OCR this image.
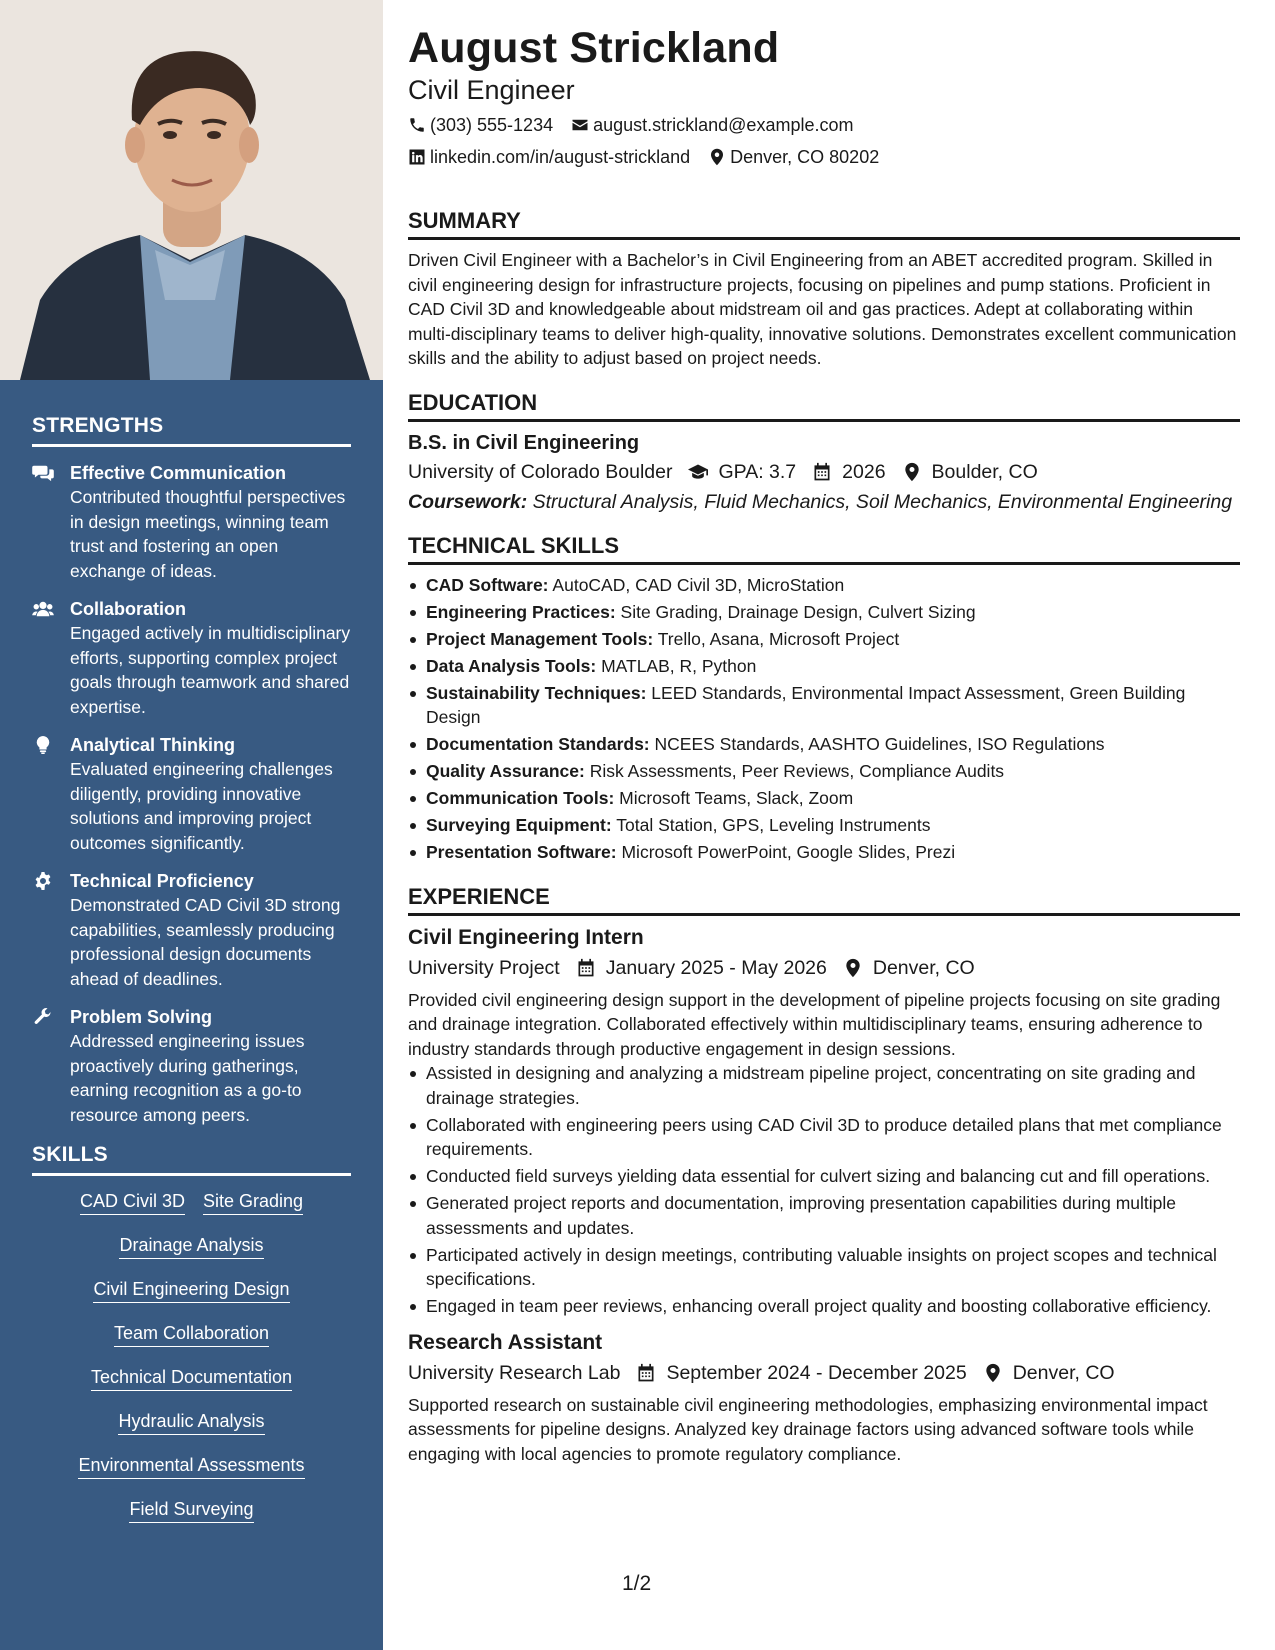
STRENGTHS
Effective Communication
Contributed thoughtful perspectives in design meetings, winning team trust and fostering an open exchange of ideas.
Collaboration
Engaged actively in multidisciplinary efforts, supporting complex project goals through teamwork and shared expertise.
Analytical Thinking
Evaluated engineering challenges diligently, providing innovative solutions and improving project outcomes significantly.
Technical Proficiency
Demonstrated CAD Civil 3D strong capabilities, seamlessly producing professional design documents ahead of deadlines.
Problem Solving
Addressed engineering issues proactively during gatherings, earning recognition as a go-to resource among peers.
SKILLS
CAD Civil 3D Site Grading
Drainage Analysis
Civil Engineering Design
Team Collaboration
Technical Documentation
Hydraulic Analysis
Environmental Assessments
Field Surveying
August Strickland
Civil Engineer
(303) 555-1234 august.strickland@example.com
linkedin.com/in/august-strickland Denver, CO 80202
SUMMARY
Driven Civil Engineer with a Bachelor’s in Civil Engineering from an ABET accredited program. Skilled in civil engineering design for infrastructure projects, focusing on pipelines and pump stations. Proficient in CAD Civil 3D and knowledgeable about midstream oil and gas practices. Adept at collaborating within multi-disciplinary teams to deliver high-quality, innovative solutions. Demonstrates excellent communication skills and the ability to adjust based on project needs.
EDUCATION
B.S. in Civil Engineering
University of Colorado Boulder GPA: 3.7 2026 Boulder, CO
Coursework: Structural Analysis, Fluid Mechanics, Soil Mechanics, Environmental Engineering
TECHNICAL SKILLS
CAD Software: AutoCAD, CAD Civil 3D, MicroStation
Engineering Practices: Site Grading, Drainage Design, Culvert Sizing
Project Management Tools: Trello, Asana, Microsoft Project
Data Analysis Tools: MATLAB, R, Python
Sustainability Techniques: LEED Standards, Environmental Impact Assessment, Green Building Design
Documentation Standards: NCEES Standards, AASHTO Guidelines, ISO Regulations
Quality Assurance: Risk Assessments, Peer Reviews, Compliance Audits
Communication Tools: Microsoft Teams, Slack, Zoom
Surveying Equipment: Total Station, GPS, Leveling Instruments
Presentation Software: Microsoft PowerPoint, Google Slides, Prezi
EXPERIENCE
Civil Engineering Intern
University Project January 2025 - May 2026 Denver, CO
Provided civil engineering design support in the development of pipeline projects focusing on site grading and drainage integration. Collaborated effectively within multidisciplinary teams, ensuring adherence to industry standards through productive engagement in design sessions.
Assisted in designing and analyzing a midstream pipeline project, concentrating on site grading and drainage strategies.
Collaborated with engineering peers using CAD Civil 3D to produce detailed plans that met compliance requirements.
Conducted field surveys yielding data essential for culvert sizing and balancing cut and fill operations.
Generated project reports and documentation, improving presentation capabilities during multiple assessments and updates.
Participated actively in design meetings, contributing valuable insights on project scopes and technical specifications.
Engaged in team peer reviews, enhancing overall project quality and boosting collaborative efficiency.
Research Assistant
University Research Lab September 2024 - December 2025 Denver, CO
Supported research on sustainable civil engineering methodologies, emphasizing environmental impact assessments for pipeline designs. Analyzed key drainage factors using advanced software tools while engaging with local agencies to promote regulatory compliance.
1/2
